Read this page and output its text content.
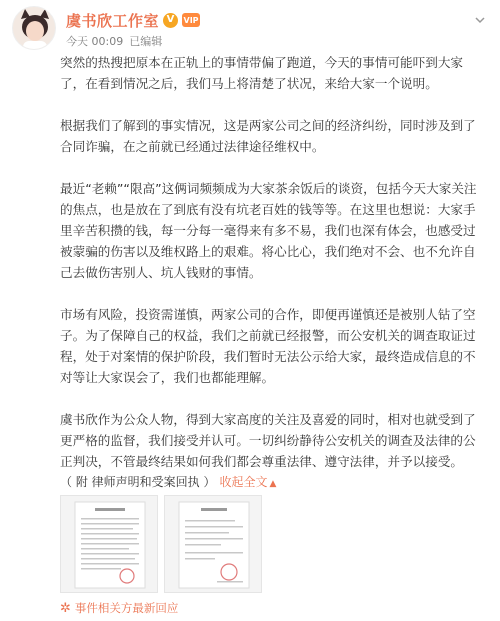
虞书欣工作室 V	VIP
今天 00:09 已编辑

突然的热搜把原本在正轨上的事情带偏了跑道，今天的事情可能吓到大家了，在看到情况之后，我们马上将清楚了状况，来给大家一个说明。

根据我们了解到的事实情况，这是两家公司之间的经济纠纷，同时涉及到了合同诈骗，在之前就已经通过法律途径维权中。

最近“老赖”“限高”这俩词频频成为大家茶余饭后的谈资，包括今天大家关注的焦点，也是放在了到底有没有坑老百姓的钱等等。在这里也想说：大家手里辛苦积攒的钱，每一分每一毫得来有多不易，我们也深有体会，也感受过被蒙骗的伤害以及维权路上的艰难。将心比心，我们绝对不会、也不允许自己去做伤害别人、坑人钱财的事情。

市场有风险，投资需谨慎，两家公司的合作，即便再谨慎还是被别人钻了空子。为了保障自己的权益，我们之前就已经报警，而公安机关的调查取证过程，处于对案情的保护阶段，我们暂时无法公示给大家，最终造成信息的不对等让大家误会了，我们也都能理解。

虞书欣作为公众人物，得到大家高度的关注及喜爱的同时，相对也就受到了更严格的监督，我们接受并认可。一切纠纷静待公安机关的调查及法律的公正判决，不管最终结果如何我们都会尊重法律、遵守法律，并予以接受。

（ 附 律师声明和受案回执 ） 收起全文 ▲
✲ 事件相关方最新回应
